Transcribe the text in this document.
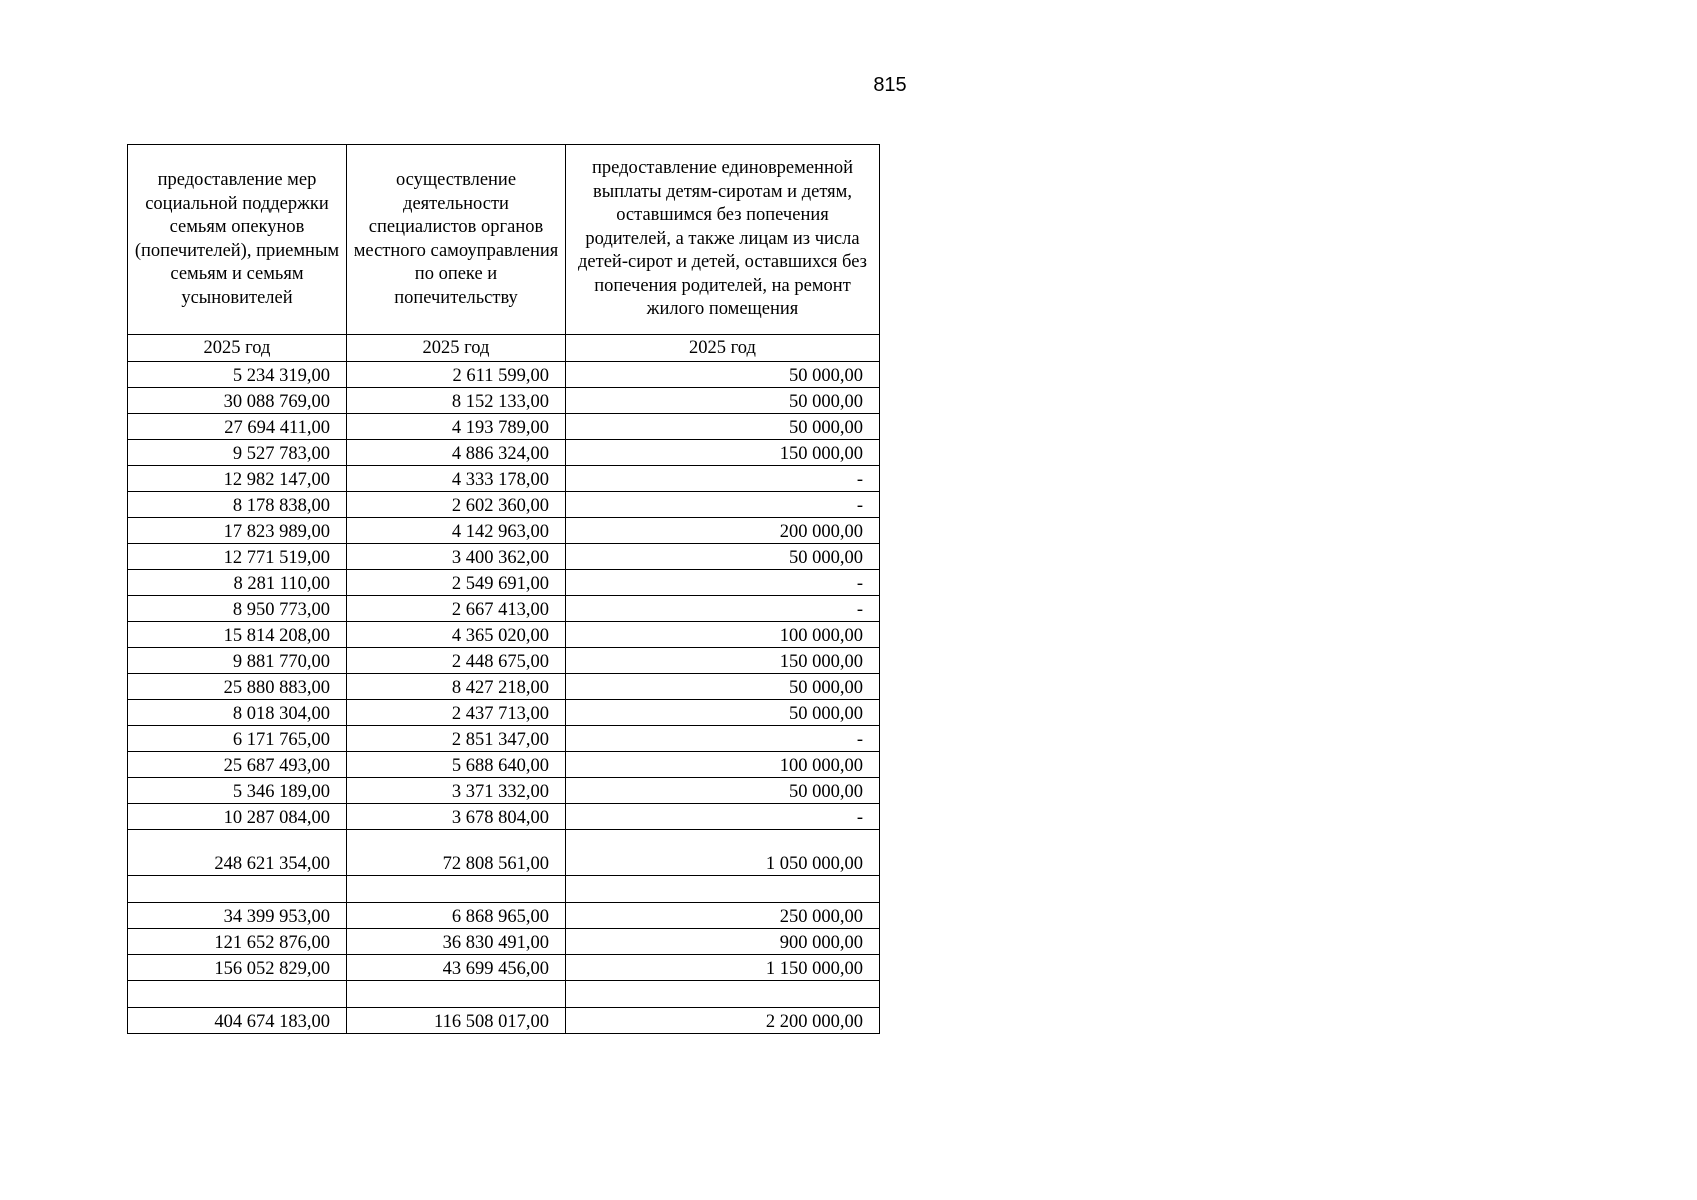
815
предоставление мер социальной поддержки семьям опекунов (попечителей), приемным семьям и семьям усыновителей	осуществление деятельности специалистов органов местного самоуправления по опеке и попечительству	предоставление единовременной выплаты детям-сиротам и детям, оставшимся без попечения родителей, а также лицам из числа детей-сирот и детей, оставшихся без попечения родителей, на ремонт жилого помещения
2025 год	2025 год	2025 год
5 234 319,00	2 611 599,00	50 000,00
30 088 769,00	8 152 133,00	50 000,00
27 694 411,00	4 193 789,00	50 000,00
9 527 783,00	4 886 324,00	150 000,00
12 982 147,00	4 333 178,00	-
8 178 838,00	2 602 360,00	-
17 823 989,00	4 142 963,00	200 000,00
12 771 519,00	3 400 362,00	50 000,00
8 281 110,00	2 549 691,00	-
8 950 773,00	2 667 413,00	-
15 814 208,00	4 365 020,00	100 000,00
9 881 770,00	2 448 675,00	150 000,00
25 880 883,00	8 427 218,00	50 000,00
8 018 304,00	2 437 713,00	50 000,00
6 171 765,00	2 851 347,00	-
25 687 493,00	5 688 640,00	100 000,00
5 346 189,00	3 371 332,00	50 000,00
10 287 084,00	3 678 804,00	-
248 621 354,00	72 808 561,00	1 050 000,00

34 399 953,00	6 868 965,00	250 000,00
121 652 876,00	36 830 491,00	900 000,00
156 052 829,00	43 699 456,00	1 150 000,00

404 674 183,00	116 508 017,00	2 200 000,00
